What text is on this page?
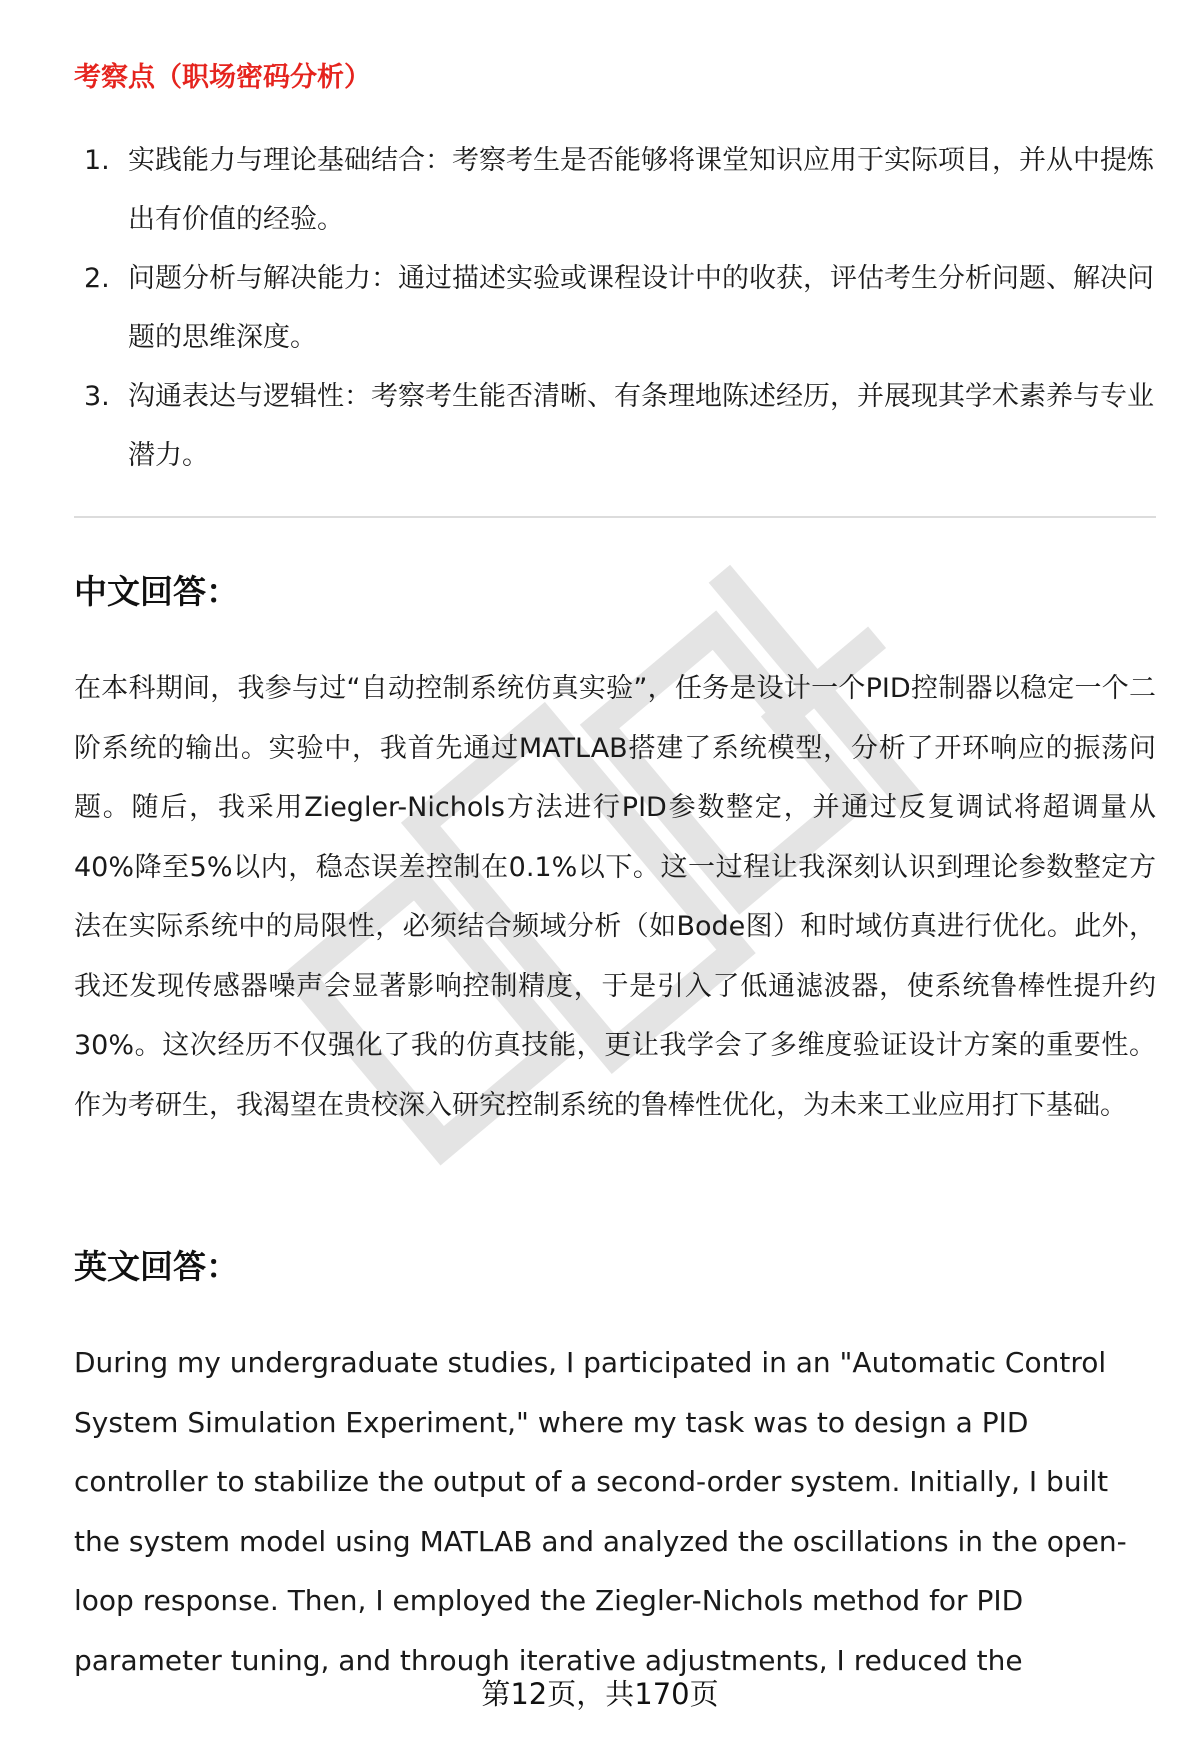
考察点（职场密码分析）
1. 实践能力与理论基础结合：考察考生是否能够将课堂知识应用于实际项目，并从中提炼出有价值的经验。
2. 问题分析与解决能力：通过描述实验或课程设计中的收获，评估考生分析问题、解决问题的思维深度。
3. 沟通表达与逻辑性：考察考生能否清晰、有条理地陈述经历，并展现其学术素养与专业潜力。
中文回答：

在本科期间，我参与过“自动控制系统仿真实验”，任务是设计一个PID控制器以稳定一个二阶系统的输出。实验中，我首先通过MATLAB搭建了系统模型，分析了开环响应的振荡问题。随后，我采用Ziegler-Nichols方法进行PID参数整定，并通过反复调试将超调量从40%降至5%以内，稳态误差控制在0.1%以下。这一过程让我深刻认识到理论参数整定方法在实际系统中的局限性，必须结合频域分析（如Bode图）和时域仿真进行优化。此外，我还发现传感器噪声会显著影响控制精度，于是引入了低通滤波器，使系统鲁棒性提升约30%。这次经历不仅强化了我的仿真技能，更让我学会了多维度验证设计方案的重要性。作为考研生，我渴望在贵校深入研究控制系统的鲁棒性优化，为未来工业应用打下基础。

英文回答：

During my undergraduate studies, I participated in an "Automatic Control System Simulation Experiment," where my task was to design a PID controller to stabilize the output of a second-order system. Initially, I built the system model using MATLAB and analyzed the oscillations in the open-loop response. Then, I employed the Ziegler-Nichols method for PID parameter tuning, and through iterative adjustments, I reduced the

第12页，共170页
